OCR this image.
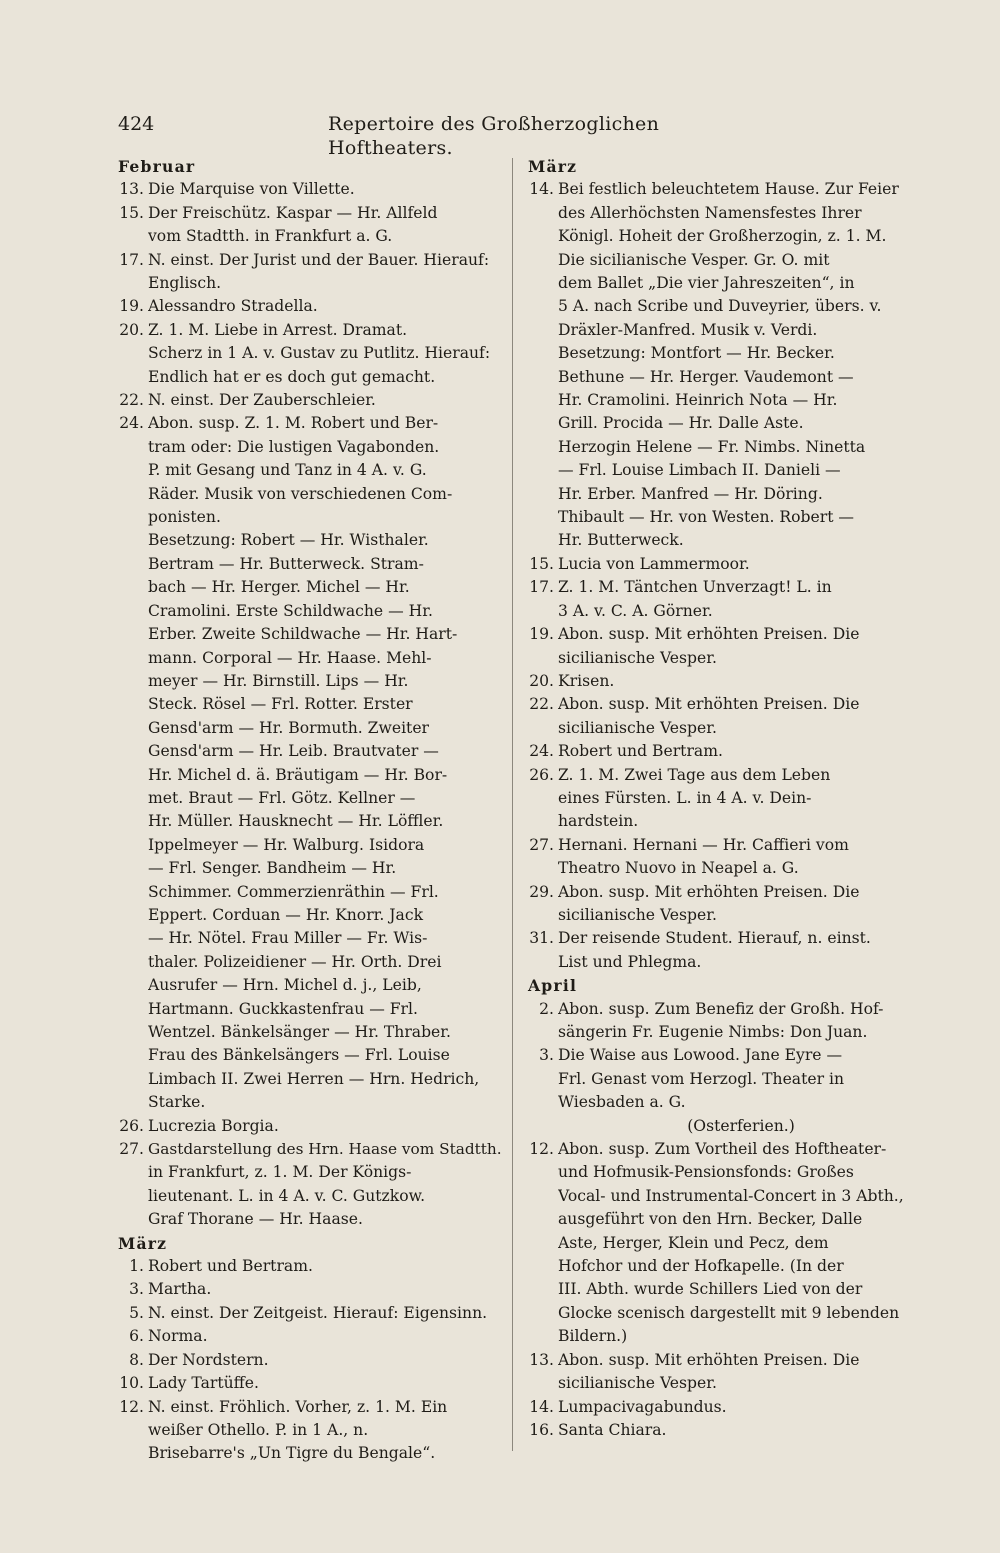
424	Repertoire des Großherzoglichen Hoftheaters.
Februar
13. Die Marquise von Villette.
15. Der Freischütz. Kaspar — Hr. Allfeld
vom Stadtth. in Frankfurt a. G.
17. N. einst. Der Jurist und der Bauer. Hierauf:
Englisch.
19. Alessandro Stradella.
20. Z. 1. M. Liebe in Arrest. Dramat.
Scherz in 1 A. v. Gustav zu Putlitz. Hierauf:
Endlich hat er es doch gut gemacht.
22. N. einst. Der Zauberschleier.
24. Abon. susp. Z. 1. M. Robert und Ber-
tram oder: Die lustigen Vagabonden.
P. mit Gesang und Tanz in 4 A. v. G.
Räder. Musik von verschiedenen Com-
ponisten.
Besetzung: Robert — Hr. Wisthaler.
Bertram — Hr. Butterweck. Stram-
bach — Hr. Herger. Michel — Hr.
Cramolini. Erste Schildwache — Hr.
Erber. Zweite Schildwache — Hr. Hart-
mann. Corporal — Hr. Haase. Mehl-
meyer — Hr. Birnstill. Lips — Hr.
Steck. Rösel — Frl. Rotter. Erster
Gensd'arm — Hr. Bormuth. Zweiter
Gensd'arm — Hr. Leib. Brautvater —
Hr. Michel d. ä. Bräutigam — Hr. Bor-
met. Braut — Frl. Götz. Kellner —
Hr. Müller. Hausknecht — Hr. Löffler.
Ippelmeyer — Hr. Walburg. Isidora
— Frl. Senger. Bandheim — Hr.
Schimmer. Commerzienräthin — Frl.
Eppert. Corduan — Hr. Knorr. Jack
— Hr. Nötel. Frau Miller — Fr. Wis-
thaler. Polizeidiener — Hr. Orth. Drei
Ausrufer — Hrn. Michel d. j., Leib,
Hartmann. Guckkastenfrau — Frl.
Wentzel. Bänkelsänger — Hr. Thraber.
Frau des Bänkelsängers — Frl. Louise
Limbach II. Zwei Herren — Hrn. Hedrich,
Starke.
26. Lucrezia Borgia.
27. Gastdarstellung des Hrn. Haase vom Stadtth.
in Frankfurt, z. 1. M. Der Königs-
lieutenant. L. in 4 A. v. C. Gutzkow.
Graf Thorane — Hr. Haase.
März
1. Robert und Bertram.
3. Martha.
5. N. einst. Der Zeitgeist. Hierauf: Eigensinn.
6. Norma.
8. Der Nordstern.
10. Lady Tartüffe.
12. N. einst. Fröhlich. Vorher, z. 1. M. Ein
weißer Othello. P. in 1 A., n.
Brisebarre's „Un Tigre du Bengale“.
März
14. Bei festlich beleuchtetem Hause. Zur Feier
des Allerhöchsten Namensfestes Ihrer
Königl. Hoheit der Großherzogin, z. 1. M.
Die sicilianische Vesper. Gr. O. mit
dem Ballet „Die vier Jahreszeiten“, in
5 A. nach Scribe und Duveyrier, übers. v.
Dräxler-Manfred. Musik v. Verdi.
Besetzung: Montfort — Hr. Becker.
Bethune — Hr. Herger. Vaudemont —
Hr. Cramolini. Heinrich Nota — Hr.
Grill. Procida — Hr. Dalle Aste.
Herzogin Helene — Fr. Nimbs. Ninetta
— Frl. Louise Limbach II. Danieli —
Hr. Erber. Manfred — Hr. Döring.
Thibault — Hr. von Westen. Robert —
Hr. Butterweck.
15. Lucia von Lammermoor.
17. Z. 1. M. Täntchen Unverzagt! L. in
3 A. v. C. A. Görner.
19. Abon. susp. Mit erhöhten Preisen. Die
sicilianische Vesper.
20. Krisen.
22. Abon. susp. Mit erhöhten Preisen. Die
sicilianische Vesper.
24. Robert und Bertram.
26. Z. 1. M. Zwei Tage aus dem Leben
eines Fürsten. L. in 4 A. v. Dein-
hardstein.
27. Hernani. Hernani — Hr. Caffieri vom
Theatro Nuovo in Neapel a. G.
29. Abon. susp. Mit erhöhten Preisen. Die
sicilianische Vesper.
31. Der reisende Student. Hierauf, n. einst.
List und Phlegma.
April
2. Abon. susp. Zum Benefiz der Großh. Hof-
sängerin Fr. Eugenie Nimbs: Don Juan.
3. Die Waise aus Lowood. Jane Eyre —
Frl. Genast vom Herzogl. Theater in
Wiesbaden a. G.
(Osterferien.)
12. Abon. susp. Zum Vortheil des Hoftheater-
und Hofmusik-Pensionsfonds: Großes
Vocal- und Instrumental-Concert in 3 Abth.,
ausgeführt von den Hrn. Becker, Dalle
Aste, Herger, Klein und Pecz, dem
Hofchor und der Hofkapelle. (In der
III. Abth. wurde Schillers Lied von der
Glocke scenisch dargestellt mit 9 lebenden
Bildern.)
13. Abon. susp. Mit erhöhten Preisen. Die
sicilianische Vesper.
14. Lumpacivagabundus.
16. Santa Chiara.
